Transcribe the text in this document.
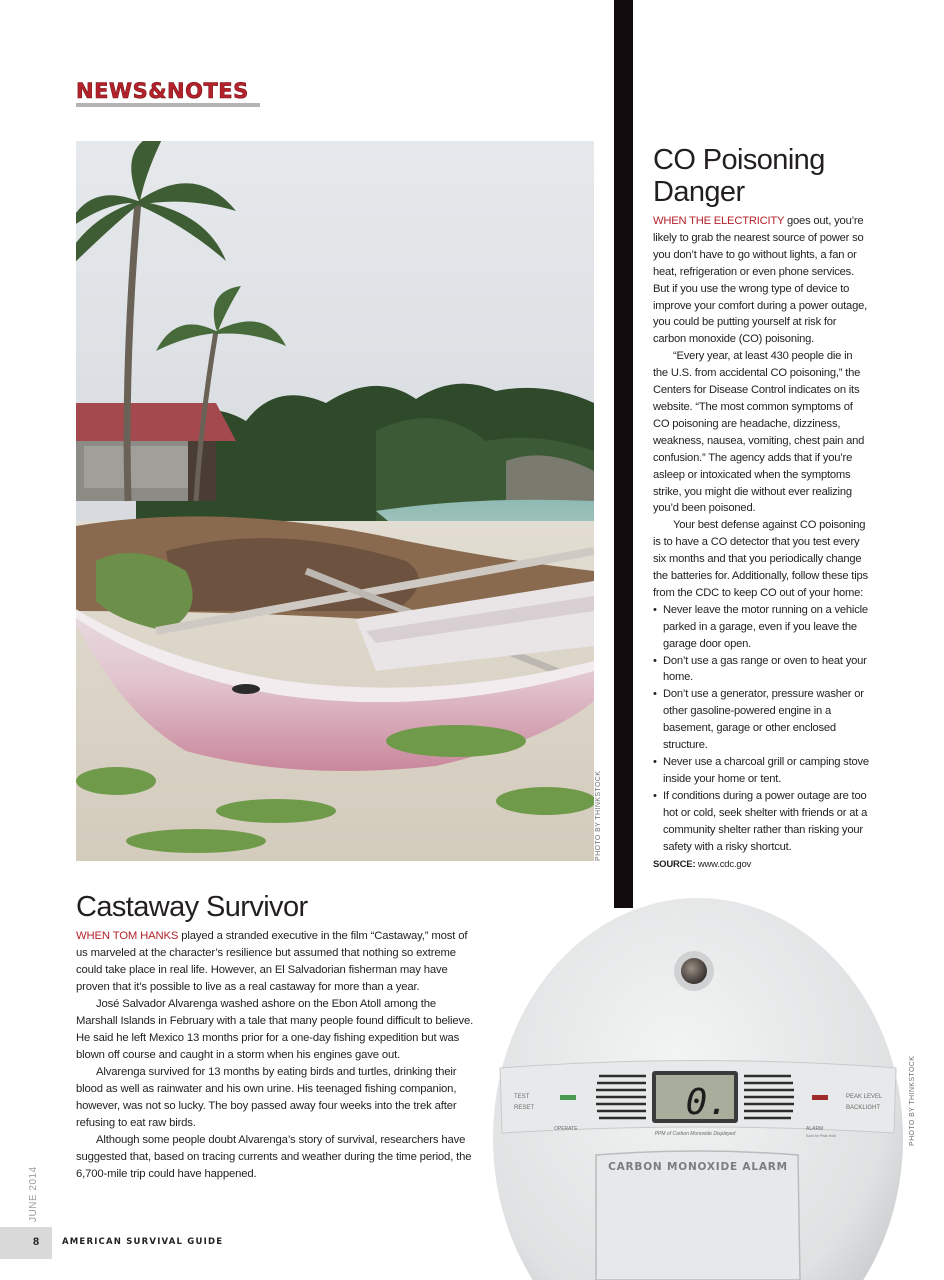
NEWS&NOTES
PHOTO BY THINKSTOCK
CO Poisoning
Danger

WHEN THE ELECTRICITY goes out, you’re likely to grab the nearest source of power so you don’t have to go without lights, a fan or heat, refrigeration or even phone services. But if you use the wrong type of device to improve your comfort during a power outage, you could be putting yourself at risk for carbon monoxide (CO) poisoning.

“Every year, at least 430 people die in the U.S. from accidental CO poisoning,” the Centers for Disease Control indicates on its website. “The most common symptoms of CO poisoning are headache, dizziness, weakness, nausea, vomiting, chest pain and confusion.” The agency adds that if you’re asleep or intoxicated when the symptoms strike, you might die without ever realizing you’d been poisoned.

Your best defense against CO poisoning is to have a CO detector that you test every six months and that you periodically change the batteries for. Additionally, follow these tips from the CDC to keep CO out of your home:

• Never leave the motor running on a vehicle parked in a garage, even if you leave the garage door open.
• Don’t use a gas range or oven to heat your home.
• Don’t use a generator, pressure washer or other gasoline-powered engine in a basement, garage or other enclosed structure.
• Never use a charcoal grill or camping stove inside your home or tent.
• If conditions during a power outage are too hot or cold, seek shelter with friends or at a community shelter rather than risking your safety with a risky shortcut.
SOURCE: www.cdc.gov
Castaway Survivor

WHEN TOM HANKS played a stranded executive in the film “Castaway,” most of us marveled at the character’s resilience but assumed that nothing so extreme could take place in real life. However, an El Salvadorian fisherman may have proven that it’s possible to live as a real castaway for more than a year.

José Salvador Alvarenga washed ashore on the Ebon Atoll among the Marshall Islands in February with a tale that many people found difficult to believe. He said he left Mexico 13 months prior for a one-day fishing expedition but was blown off course and caught in a storm when his engines gave out.

Alvarenga survived for 13 months by eating birds and turtles, drinking their blood as well as rainwater and his own urine. His teenaged fishing companion, however, was not so lucky. The boy passed away four weeks into the trek after refusing to eat raw birds.

Although some people doubt Alvarenga’s story of survival, researchers have suggested that, based on tracing currents and weather during the time period, the 6,700-mile trip could have happened.

0.
TEST
RESET
OPERATE
PPM of Carbon Monoxide Displayed
PEAK LEVEL
BACKLIGHT
ALARM
Solid for Peak Hold
CARBON MONOXIDE ALARM
PHOTO BY THINKSTOCK
JUNE 2014
8	AMERICAN SURVIVAL GUIDE
